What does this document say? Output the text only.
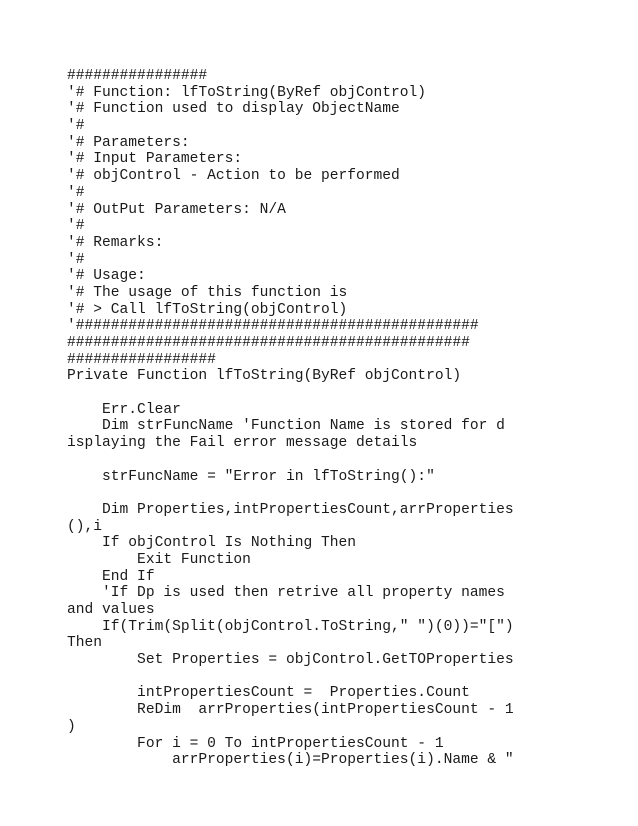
################
'# Function: lfToString(ByRef objControl)
'# Function used to display ObjectName
'#
'# Parameters:
'# Input Parameters:
'# objControl - Action to be performed
'#
'# OutPut Parameters: N/A
'#
'# Remarks:
'#
'# Usage:
'# The usage of this function is
'# > Call lfToString(objControl)
'##############################################
##############################################
#################
Private Function lfToString(ByRef objControl)
Err.Clear
Dim strFuncName 'Function Name is stored for d
isplaying the Fail error message details
strFuncName = "Error in lfToString():"
Dim Properties,intPropertiesCount,arrProperties
(),i
If objControl Is Nothing Then
Exit Function
End If
'If Dp is used then retrive all property names
and values
If(Trim(Split(objControl.ToString," ")(0))="[")
Then
Set Properties = objControl.GetTOProperties
intPropertiesCount =  Properties.Count
ReDim  arrProperties(intPropertiesCount - 1
)
For i = 0 To intPropertiesCount - 1
arrProperties(i)=Properties(i).Name & "
